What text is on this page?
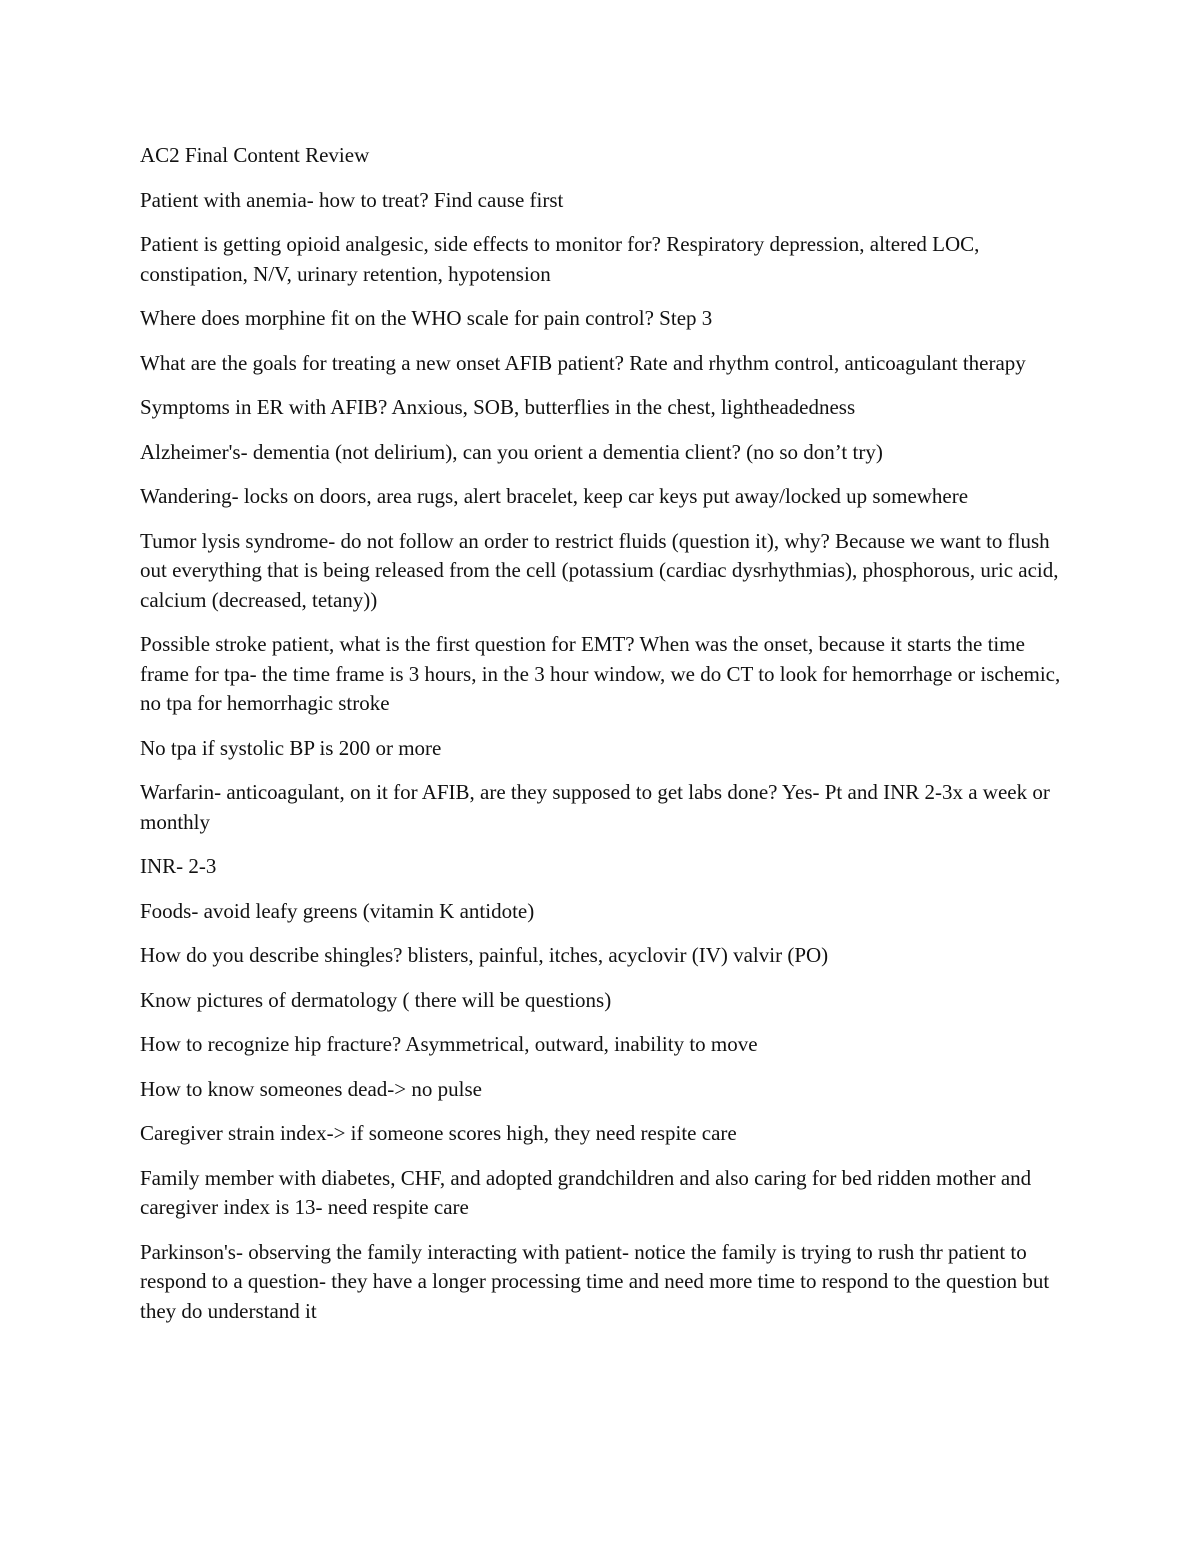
AC2 Final Content Review

Patient with anemia- how to treat? Find cause first

Patient is getting opioid analgesic, side effects to monitor for? Respiratory depression, altered LOC, constipation, N/V, urinary retention, hypotension

Where does morphine fit on the WHO scale for pain control? Step 3

What are the goals for treating a new onset AFIB patient? Rate and rhythm control, anticoagulant therapy

Symptoms in ER with AFIB? Anxious, SOB, butterflies in the chest, lightheadedness

Alzheimer's- dementia (not delirium), can you orient a dementia client? (no so don’t try)

Wandering- locks on doors, area rugs, alert bracelet, keep car keys put away/locked up somewhere

Tumor lysis syndrome- do not follow an order to restrict fluids (question it), why? Because we want to flush out everything that is being released from the cell (potassium (cardiac dysrhythmias), phosphorous, uric acid, calcium (decreased, tetany))

Possible stroke patient, what is the first question for EMT? When was the onset, because it starts the time frame for tpa- the time frame is 3 hours, in the 3 hour window, we do CT to look for hemorrhage or ischemic, no tpa for hemorrhagic stroke

No tpa if systolic BP is 200 or more

Warfarin- anticoagulant, on it for AFIB, are they supposed to get labs done? Yes- Pt and INR 2-3x a week or monthly

INR- 2-3

Foods- avoid leafy greens (vitamin K antidote)

How do you describe shingles? blisters, painful, itches, acyclovir (IV) valvir (PO)

Know pictures of dermatology ( there will be questions)

How to recognize hip fracture? Asymmetrical, outward, inability to move

How to know someones dead-> no pulse

Caregiver strain index-> if someone scores high, they need respite care

Family member with diabetes, CHF, and adopted grandchildren and also caring for bed ridden mother and caregiver index is 13- need respite care

Parkinson's- observing the family interacting with patient- notice the family is trying to rush thr patient to respond to a question- they have a longer processing time and need more time to respond to the question but they do understand it
